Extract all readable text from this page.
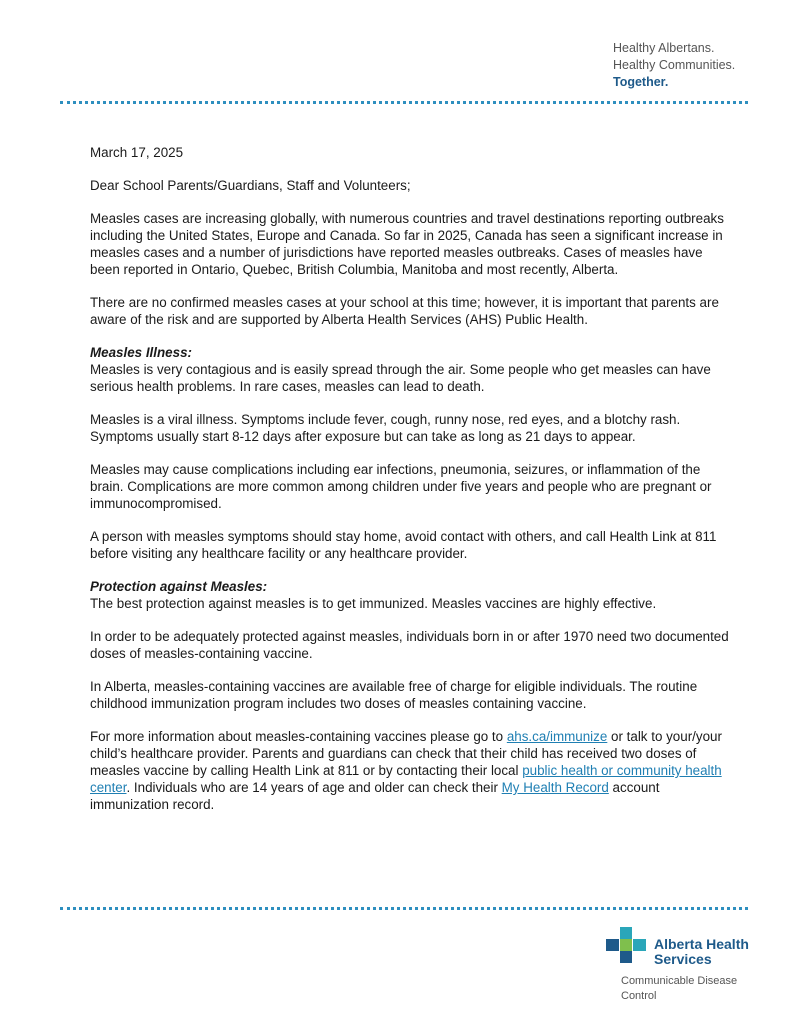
Healthy Albertans.
Healthy Communities.
Together.

March 17, 2025

Dear School Parents/Guardians, Staff and Volunteers;

Measles cases are increasing globally, with numerous countries and travel destinations reporting outbreaks including the United States, Europe and Canada. So far in 2025, Canada has seen a significant increase in measles cases and a number of jurisdictions have reported measles outbreaks. Cases of measles have been reported in Ontario, Quebec, British Columbia, Manitoba and most recently, Alberta.

There are no confirmed measles cases at your school at this time; however, it is important that parents are aware of the risk and are supported by Alberta Health Services (AHS) Public Health.

Measles Illness:

Measles is very contagious and is easily spread through the air. Some people who get measles can have serious health problems. In rare cases, measles can lead to death.

Measles is a viral illness. Symptoms include fever, cough, runny nose, red eyes, and a blotchy rash. Symptoms usually start 8-12 days after exposure but can take as long as 21 days to appear.

Measles may cause complications including ear infections, pneumonia, seizures, or inflammation of the brain. Complications are more common among children under five years and people who are pregnant or immunocompromised.

A person with measles symptoms should stay home, avoid contact with others, and call Health Link at 811 before visiting any healthcare facility or any healthcare provider.

Protection against Measles:

The best protection against measles is to get immunized. Measles vaccines are highly effective.

In order to be adequately protected against measles, individuals born in or after 1970 need two documented doses of measles-containing vaccine.

In Alberta, measles-containing vaccines are available free of charge for eligible individuals. The routine childhood immunization program includes two doses of measles containing vaccine.

For more information about measles-containing vaccines please go to ahs.ca/immunize or talk to your/your child’s healthcare provider. Parents and guardians can check that their child has received two doses of measles vaccine by calling Health Link at 811 or by contacting their local public health or community health center. Individuals who are 14 years of age and older can check their My Health Record account immunization record.

Alberta Health
Services
Communicable Disease
Control
